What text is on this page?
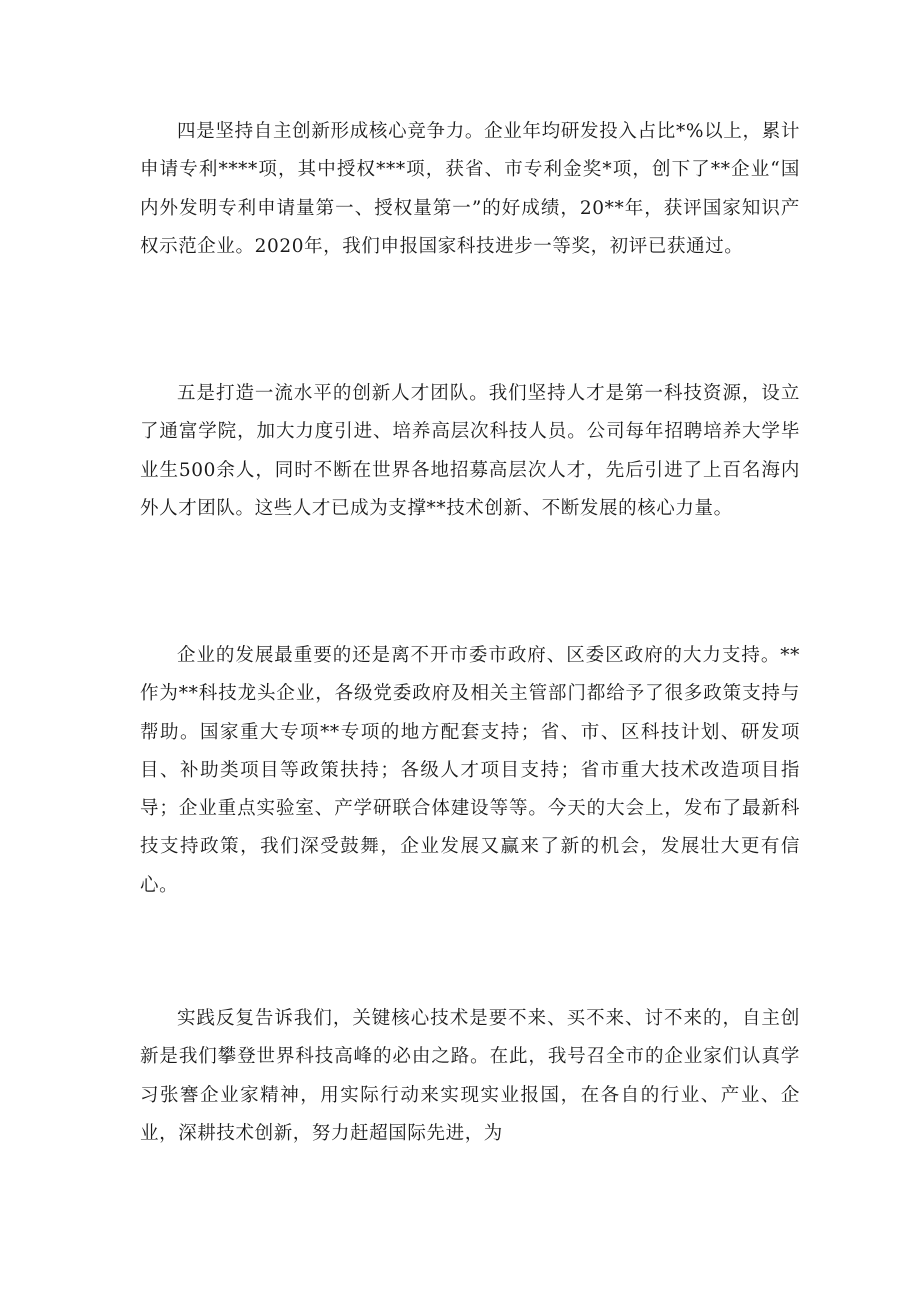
四是坚持自主创新形成核心竞争力。企业年均研发投入占比*%以上，累计申请专利****项，其中授权***项，获省、市专利金奖*项，创下了**企业“国内外发明专利申请量第一、授权量第一”的好成绩，20**年，获评国家知识产权示范企业。2020年，我们申报国家科技进步一等奖，初评已获通过。

五是打造一流水平的创新人才团队。我们坚持人才是第一科技资源，设立了通富学院，加大力度引进、培养高层次科技人员。公司每年招聘培养大学毕业生500余人，同时不断在世界各地招募高层次人才，先后引进了上百名海内外人才团队。这些人才已成为支撑**技术创新、不断发展的核心力量。

企业的发展最重要的还是离不开市委市政府、区委区政府的大力支持。**作为**科技龙头企业，各级党委政府及相关主管部门都给予了很多政策支持与帮助。国家重大专项**专项的地方配套支持；省、市、区科技计划、研发项目、补助类项目等政策扶持；各级人才项目支持；省市重大技术改造项目指导；企业重点实验室、产学研联合体建设等等。今天的大会上，发布了最新科技支持政策，我们深受鼓舞，企业发展又赢来了新的机会，发展壮大更有信心。

实践反复告诉我们，关键核心技术是要不来、买不来、讨不来的，自主创新是我们攀登世界科技高峰的必由之路。在此，我号召全市的企业家们认真学习张謇企业家精神，用实际行动来实现实业报国，在各自的行业、产业、企业，深耕技术创新，努力赶超国际先进，为
